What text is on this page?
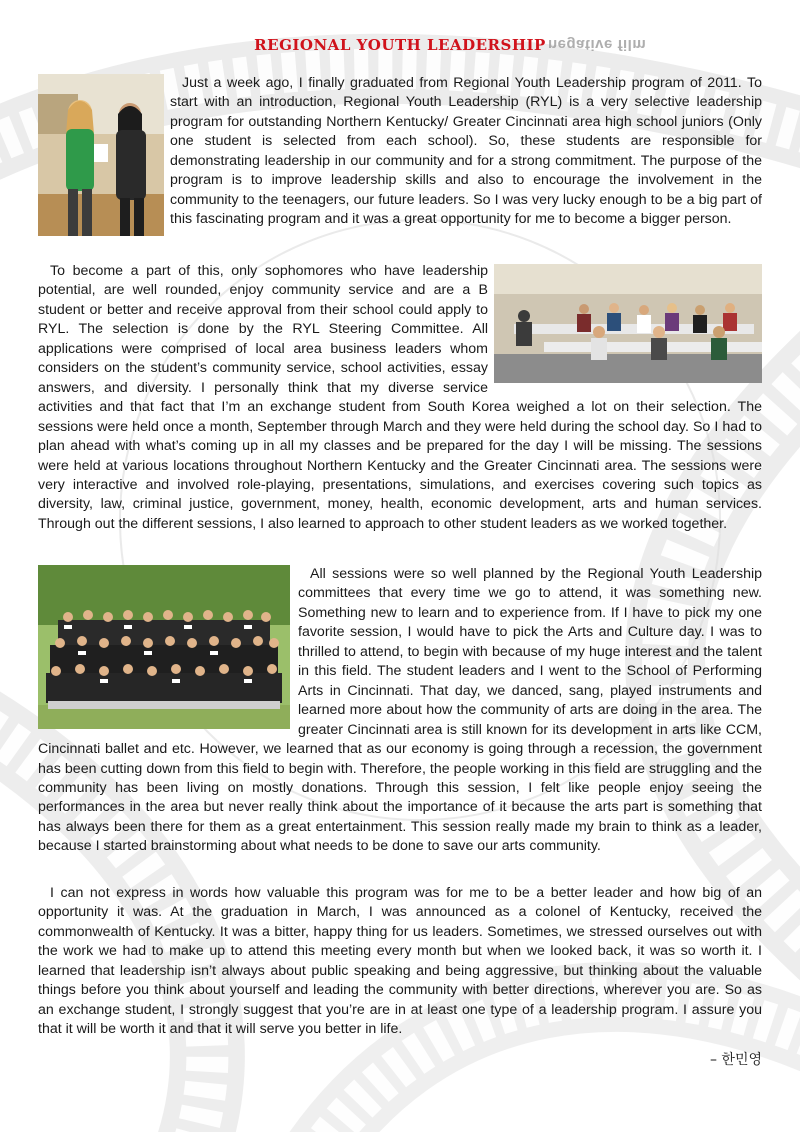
REGIONAL YOUTH LEADERSHIP negative film
Just a week ago, I finally graduated from Regional Youth Leadership program of 2011. To start with an introduction, Regional Youth Leadership (RYL) is a very selective leadership program for outstanding Northern Kentucky/ Greater Cincinnati area high school juniors (Only one student is selected from each school). So, these students are responsible for demonstrating leadership in our community and for a strong commitment. The purpose of the program is to improve leadership skills and also to encourage the involvement in the community to the teenagers, our future leaders. So I was very lucky enough to be a big part of this fascinating program and it was a great opportunity for me to become a bigger person.
To become a part of this, only sophomores who have leadership potential, are well rounded, enjoy community service and are a B student or better and receive approval from their school could apply to RYL. The selection is done by the RYL Steering Committee. All applications were comprised of local area business leaders whom considers on the student’s community service, school activities, essay answers, and diversity. I personally think that my diverse service activities and that fact that I’m an exchange student from South Korea weighed a lot on their selection. The sessions were held once a month, September through March and they were held during the school day. So I had to plan ahead with what’s coming up in all my classes and be prepared for the day I will be missing. The sessions were held at various locations throughout Northern Kentucky and the Greater Cincinnati area. The sessions were very interactive and involved role-playing, presentations, simulations, and exercises covering such topics as diversity, law, criminal justice, government, money, health, economic development, arts and human services. Through out the different sessions, I also learned to approach to other student leaders as we worked together.
All sessions were so well planned by the Regional Youth Leadership committees that every time we go to attend, it was something new. Something new to learn and to experience from. If I have to pick my one favorite session, I would have to pick the Arts and Culture day. I was to thrilled to attend, to begin with because of my huge interest and the talent in this field. The student leaders and I went to the School of Performing Arts in Cincinnati. That day, we danced, sang, played instruments and learned more about how the community of arts are doing in the area. The greater Cincinnati area is still known for its development in arts like CCM, Cincinnati ballet and etc. However, we learned that as our economy is going through a recession, the government has been cutting down from this field to begin with. Therefore, the people working in this field are struggling and the community has been living on mostly donations. Through this session, I felt like people enjoy seeing the performances in the area but never really think about the importance of it because the arts part is something that has always been there for them as a great entertainment. This session really made my brain to think as a leader, because I started brainstorming about what needs to be done to save our arts community.
I can not express in words how valuable this program was for me to be a better leader and how big of an opportunity it was. At the graduation in March, I was announced as a colonel of Kentucky, received the commonwealth of Kentucky. It was a bitter, happy thing for us leaders. Sometimes, we stressed ourselves out with the work we had to make up to attend this meeting every month but when we looked back, it was so worth it. I learned that leadership isn’t always about public speaking and being aggressive, but thinking about the valuable things before you think about yourself and leading the community with better directions, wherever you are. So as an exchange student, I strongly suggest that you’re are in at least one type of a leadership program. I assure you that it will be worth it and that it will serve you better in life.
– 한민영
